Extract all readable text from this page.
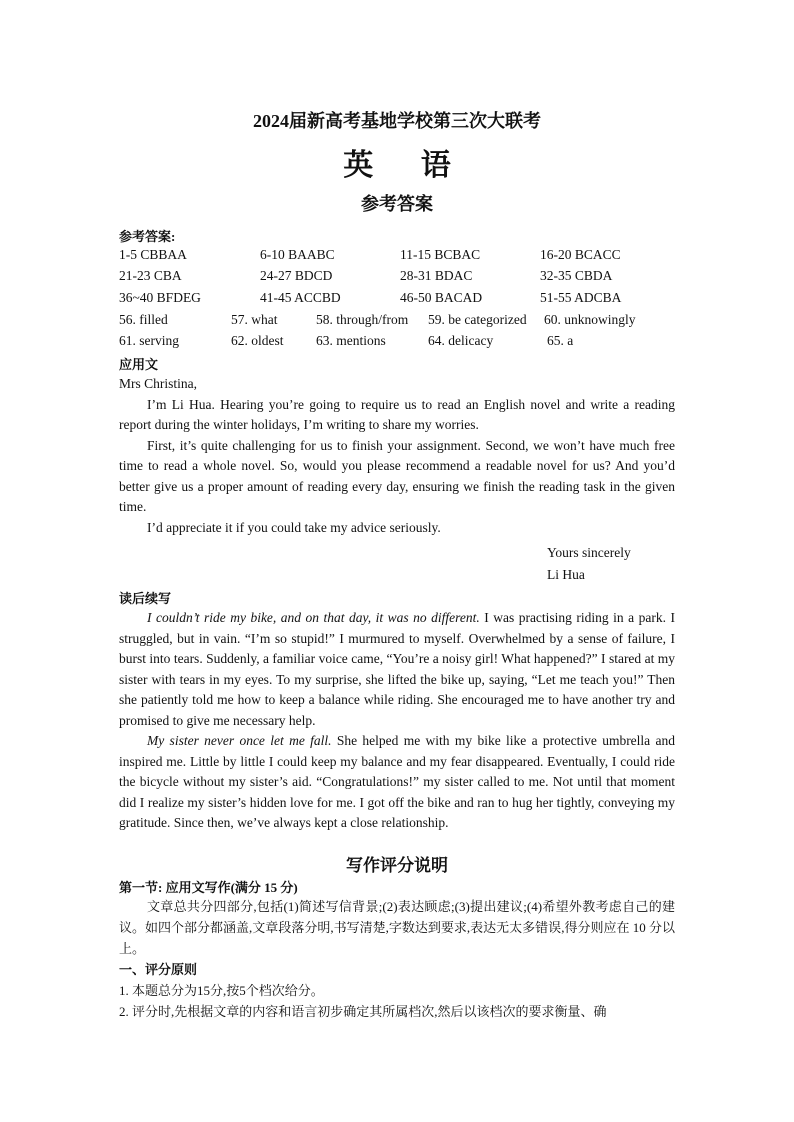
2024届新高考基地学校第三次大联考
英 语
参考答案
参考答案:
1-5 CBBAA	6-10 BAABC	11-15 BCBAC	16-20 BCACC
21-23 CBA	24-27 BDCD	28-31 BDAC	32-35 CBDA
36~40 BFDEG	41-45 ACCBD	46-50 BACAD	51-55 ADCBA
56. filled	57. what	58. through/from 59. be categorized 60. unknowingly
61. serving	62. oldest 63. mentions	64. delicacy	65. a
应用文

Mrs Christina,

I’m Li Hua. Hearing you’re going to require us to read an English novel and write a reading report during the winter holidays, I’m writing to share my worries.

First, it’s quite challenging for us to finish your assignment. Second, we won’t have much free time to read a whole novel. So, would you please recommend a readable novel for us? And you’d better give us a proper amount of reading every day, ensuring we finish the reading task in the given time.

I’d appreciate it if you could take my advice seriously.

Yours sincerely
Li Hua
读后续写

I couldn’t ride my bike, and on that day, it was no different. I was practising riding in a park. I struggled, but in vain. “I’m so stupid!” I murmured to myself. Overwhelmed by a sense of failure, I burst into tears. Suddenly, a familiar voice came, “You’re a noisy girl! What happened?” I stared at my sister with tears in my eyes. To my surprise, she lifted the bike up, saying, “Let me teach you!” Then she patiently told me how to keep a balance while riding. She encouraged me to have another try and promised to give me necessary help.

My sister never once let me fall. She helped me with my bike like a protective umbrella and inspired me. Little by little I could keep my balance and my fear disappeared. Eventually, I could ride the bicycle without my sister’s aid. “Congratulations!” my sister called to me. Not until that moment did I realize my sister’s hidden love for me. I got off the bike and ran to hug her tightly, conveying my gratitude. Since then, we’ve always kept a close relationship.

写作评分说明
第一节: 应用文写作(满分 15 分)

文章总共分四部分,包括(1)简述写信背景;(2)表达顾虑;(3)提出建议;(4)希望外教考虑自己的建议。如四个部分都涵盖,文章段落分明,书写清楚,字数达到要求,表达无太多错误,得分则应在 10 分以上。

一、评分原则

1. 本题总分为15分,按5个档次给分。

2. 评分时,先根据文章的内容和语言初步确定其所属档次,然后以该档次的要求衡量、确
